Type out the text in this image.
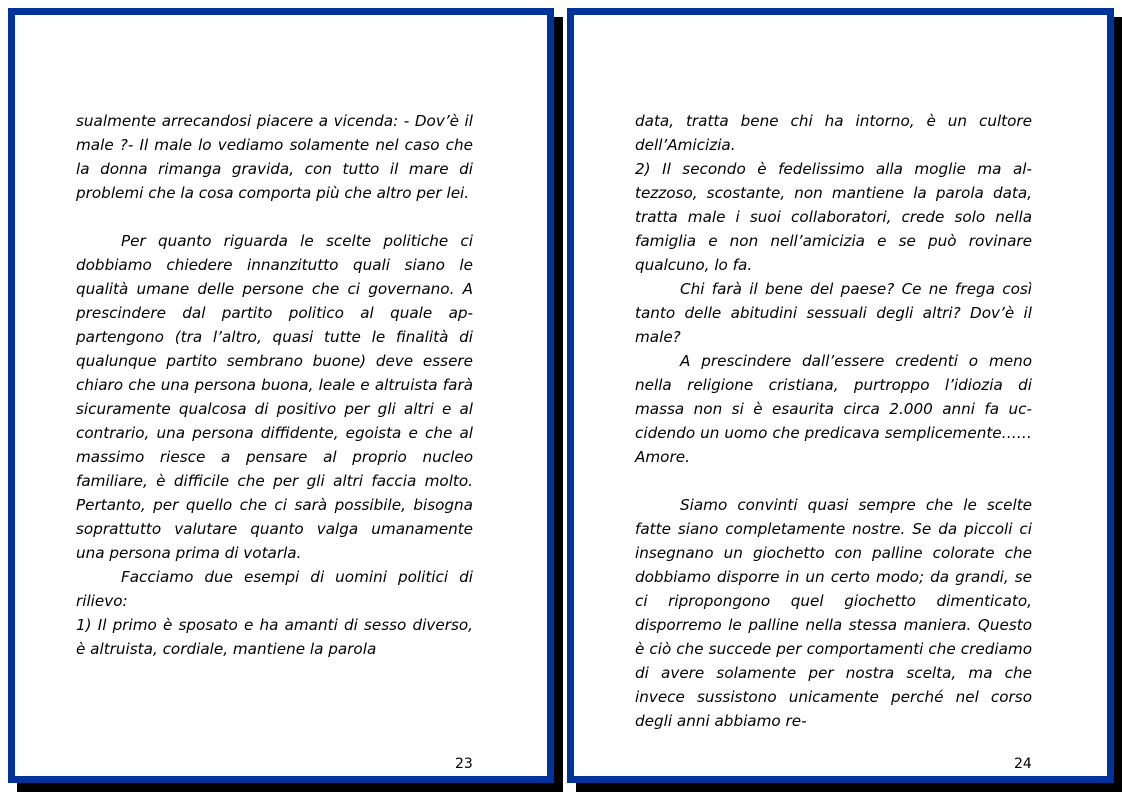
sualmente arrecandosi piacere a vicenda: - Dov’è il male ?- Il male lo vediamo solamente nel caso che la donna rimanga gravida, con tutto il mare di problemi che la cosa comporta più che altro per lei.

Per quanto riguarda le scelte politiche ci dobbiamo chiedere innanzitutto quali siano le qualità umane delle persone che ci governano. A prescindere dal partito politico al quale appartengono (tra l’altro, quasi tutte le finalità di qualunque partito sembrano buone) deve essere chiaro che una persona buona, leale e altruista farà sicuramente qualcosa di positivo per gli altri e al contrario, una persona diffidente, egoista e che al massimo riesce a pensare al proprio nucleo familiare, è difficile che per gli altri faccia molto. Pertanto, per quello che ci sarà possibile, bisogna soprattutto valutare quanto valga umanamente una persona prima di votarla.

Facciamo due esempi di uomini politici di rilievo:

1) Il primo è sposato e ha amanti di sesso diverso, è altruista, cordiale, mantiene la parola

23

data, tratta bene chi ha intorno, è un cultore dell’Amicizia.

2) Il secondo è fedelissimo alla moglie ma altezzoso, scostante, non mantiene la parola data, tratta male i suoi collaboratori, crede solo nella famiglia e non nell’amicizia e se può rovinare qualcuno, lo fa.

Chi farà il bene del paese? Ce ne frega così tanto delle abitudini sessuali degli altri? Dov’è il male?

A prescindere dall’essere credenti o meno nella religione cristiana, purtroppo l’idiozia di massa non si è esaurita circa 2.000 anni fa uccidendo un uomo che predicava semplicemente……Amore.

Siamo convinti quasi sempre che le scelte fatte siano completamente nostre. Se da piccoli ci insegnano un giochetto con palline colorate che dobbiamo disporre in un certo modo; da grandi, se ci ripropongono quel giochetto dimenticato, disporremo le palline nella stessa maniera. Questo è ciò che succede per comportamenti che crediamo di avere solamente per nostra scelta, ma che invece sussistono unicamente perché nel corso degli anni abbiamo re-

24
